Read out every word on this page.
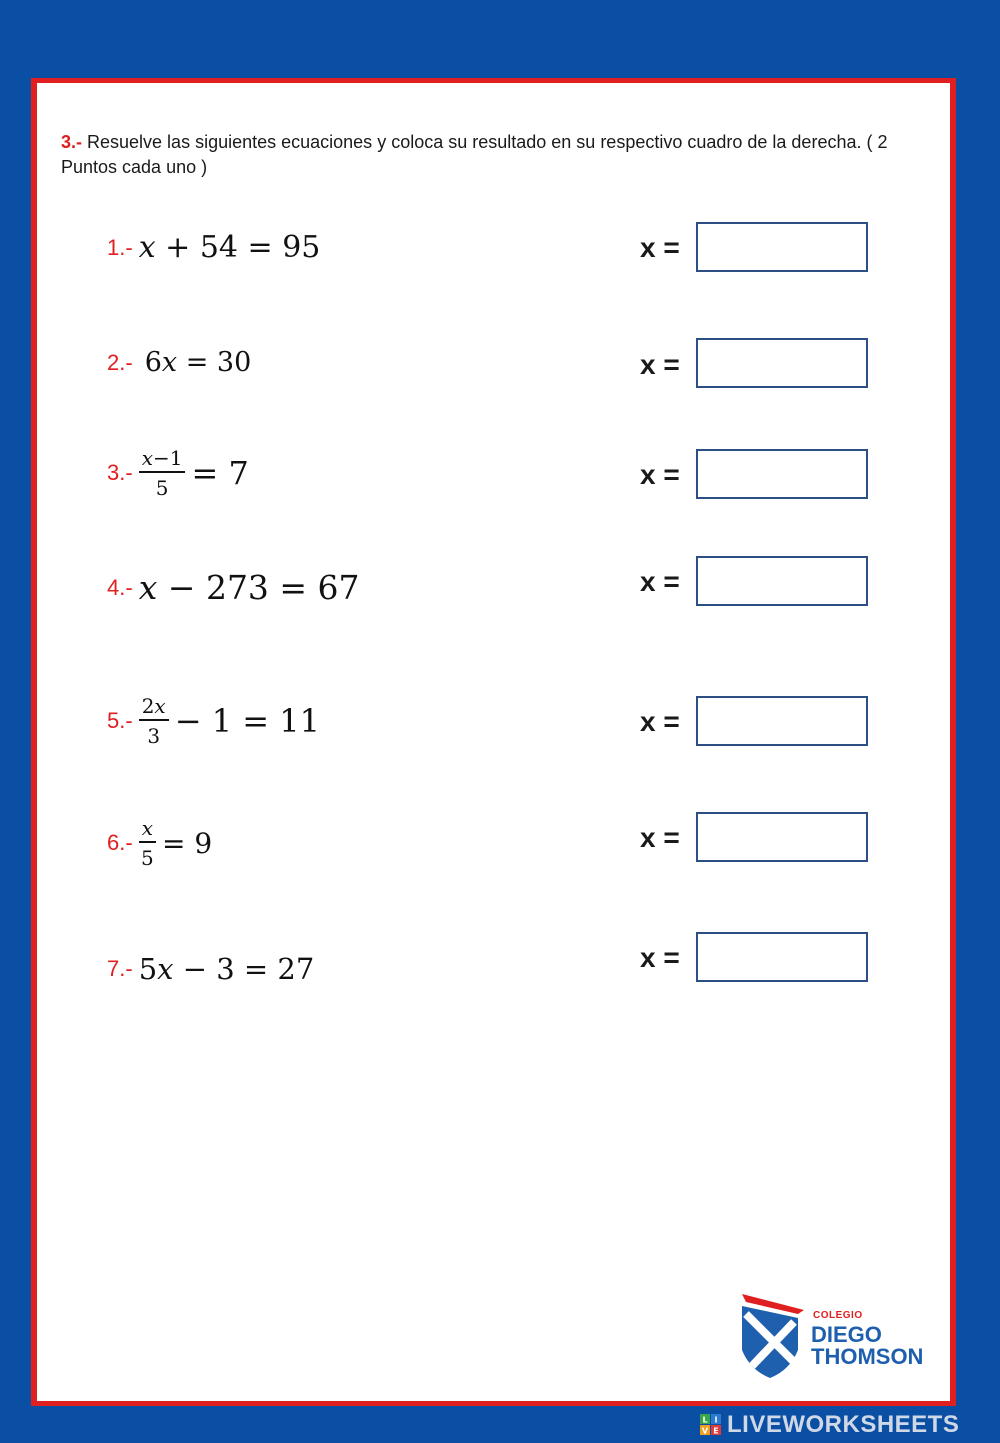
3.- Resuelve las siguientes ecuaciones y coloca su resultado en su respectivo cuadro de la derecha. ( 2 Puntos cada uno )
1.- x + 54 = 95	x =
2.- 6x = 30	x =
$3.- \frac{x-1}{5} = 7$	x =
4.- x − 273 = 67	x =
$5.- \frac{2x}{3} - 1 = 11$	x =
$6.- \frac{x}{5} = 9$	x =
7.- 5x − 3 = 27	x =
COLEGIO
DIEGO
THOMSON
L I
V E LIVEWORKSHEETS
